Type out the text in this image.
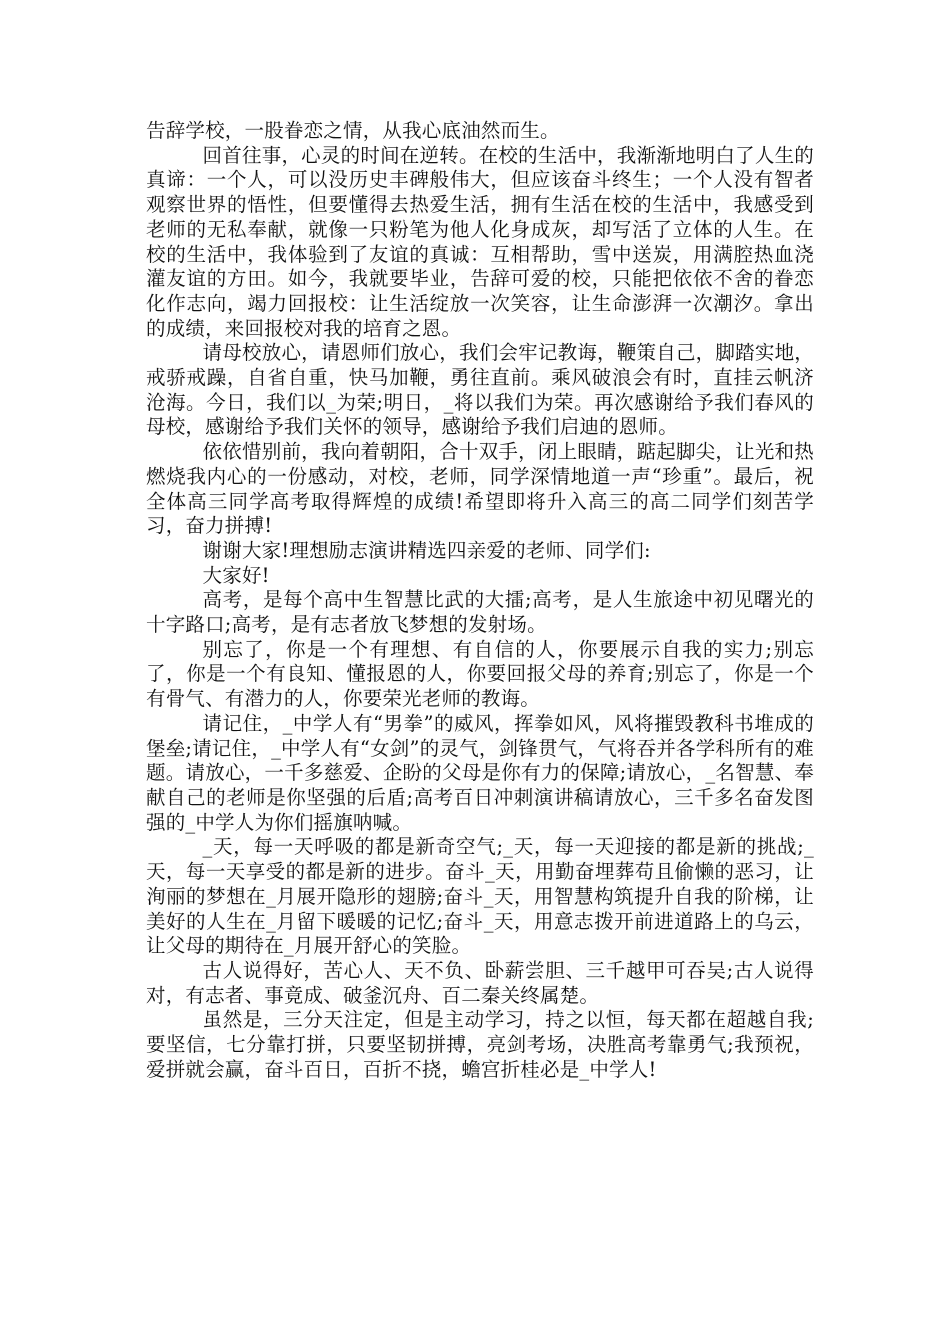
告辞学校，一股眷恋之情，从我心底油然而生。

回首往事，心灵的时间在逆转。在校的生活中，我渐渐地明白了人生的真谛：一个人，可以没历史丰碑般伟大，但应该奋斗终生；一个人没有智者观察世界的悟性，但要懂得去热爱生活，拥有生活在校的生活中，我感受到老师的无私奉献，就像一只粉笔为他人化身成灰，却写活了立体的人生。在校的生活中，我体验到了友谊的真诚：互相帮助，雪中送炭，用满腔热血浇灌友谊的方田。如今，我就要毕业，告辞可爱的校，只能把依依不舍的眷恋化作志向，竭力回报校：让生活绽放一次笑容，让生命澎湃一次潮汐。拿出的成绩，来回报校对我的培育之恩。

请母校放心，请恩师们放心，我们会牢记教诲，鞭策自己，脚踏实地，戒骄戒躁，自省自重，快马加鞭，勇往直前。乘风破浪会有时，直挂云帆济沧海。今日，我们以_为荣;明日，_将以我们为荣。再次感谢给予我们春风的母校，感谢给予我们关怀的领导，感谢给予我们启迪的恩师。

依依惜别前，我向着朝阳，合十双手，闭上眼睛，踮起脚尖，让光和热燃烧我内心的一份感动，对校，老师，同学深情地道一声“珍重”。最后，祝全体高三同学高考取得辉煌的成绩!希望即将升入高三的高二同学们刻苦学习，奋力拼搏!

谢谢大家!理想励志演讲精选四亲爱的老师、同学们:

大家好!

高考，是每个高中生智慧比武的大擂;高考，是人生旅途中初见曙光的十字路口;高考，是有志者放飞梦想的发射场。

别忘了，你是一个有理想、有自信的人，你要展示自我的实力;别忘了，你是一个有良知、懂报恩的人，你要回报父母的养育;别忘了，你是一个有骨气、有潜力的人，你要荣光老师的教诲。

请记住，_中学人有“男拳”的威风，挥拳如风，风将摧毁教科书堆成的堡垒;请记住，_中学人有“女剑”的灵气，剑锋贯气，气将吞并各学科所有的难题。请放心，一千多慈爱、企盼的父母是你有力的保障;请放心，_名智慧、奉献自己的老师是你坚强的后盾;高考百日冲刺演讲稿请放心，三千多名奋发图强的_中学人为你们摇旗呐喊。

_天，每一天呼吸的都是新奇空气;_天，每一天迎接的都是新的挑战;_天，每一天享受的都是新的进步。奋斗_天，用勤奋埋葬苟且偷懒的恶习，让洵丽的梦想在_月展开隐形的翅膀;奋斗_天，用智慧构筑提升自我的阶梯，让美好的人生在_月留下暖暖的记忆;奋斗_天，用意志拨开前进道路上的乌云，让父母的期待在_月展开舒心的笑脸。

古人说得好，苦心人、天不负、卧薪尝胆、三千越甲可吞吴;古人说得对，有志者、事竟成、破釜沉舟、百二秦关终属楚。

虽然是，三分天注定，但是主动学习，持之以恒，每天都在超越自我;要坚信，七分靠打拼，只要坚韧拼搏，亮剑考场，决胜高考靠勇气;我预祝，爱拼就会赢，奋斗百日，百折不挠，蟾宫折桂必是_中学人!
